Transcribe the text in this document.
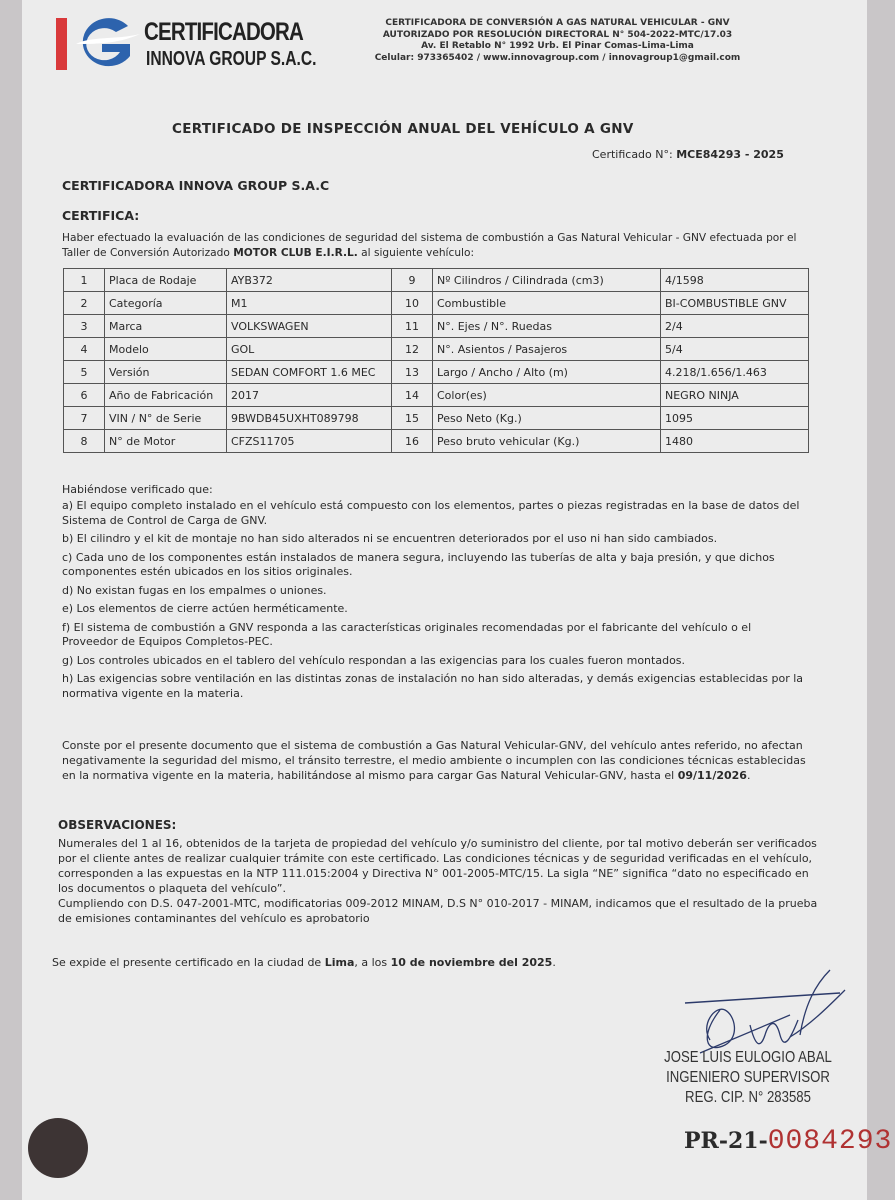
CERTIFICADORA
INNOVA GROUP S.A.C.
CERTIFICADORA DE CONVERSIÓN A GAS NATURAL VEHICULAR - GNV
AUTORIZADO POR RESOLUCIÓN DIRECTORAL N° 504-2022-MTC/17.03
Av. El Retablo N° 1992 Urb. El Pinar Comas-Lima-Lima
Celular: 973365402 / www.innovagroup.com / innovagroup1@gmail.com
CERTIFICADO DE INSPECCIÓN ANUAL DEL VEHÍCULO A GNV
Certificado N°: MCE84293 - 2025
CERTIFICADORA INNOVA GROUP S.A.C
CERTIFICA:
Haber efectuado la evaluación de las condiciones de seguridad del sistema de combustión a Gas Natural Vehicular - GNV efectuada por el Taller de Conversión Autorizado MOTOR CLUB E.I.R.L. al siguiente vehículo:
1	Placa de Rodaje	AYB372	9	Nº Cilindros / Cilindrada (cm3)	4/1598
2	Categoría	M1	10	Combustible	BI-COMBUSTIBLE GNV
3	Marca	VOLKSWAGEN	11	N°. Ejes / N°. Ruedas	2/4
4	Modelo	GOL	12	N°. Asientos / Pasajeros	5/4
5	Versión	SEDAN COMFORT 1.6 MEC	13	Largo / Ancho / Alto (m)	4.218/1.656/1.463
6	Año de Fabricación	2017	14	Color(es)	NEGRO NINJA
7	VIN / N° de Serie	9BWDB45UXHT089798	15	Peso Neto (Kg.)	1095
8	N° de Motor	CFZS11705	16	Peso bruto vehicular (Kg.)	1480
Habiéndose verificado que:

a) El equipo completo instalado en el vehículo está compuesto con los elementos, partes o piezas registradas en la base de datos del Sistema de Control de Carga de GNV.

b) El cilindro y el kit de montaje no han sido alterados ni se encuentren deteriorados por el uso ni han sido cambiados.

c) Cada uno de los componentes están instalados de manera segura, incluyendo las tuberías de alta y baja presión, y que dichos componentes estén ubicados en los sitios originales.

d) No existan fugas en los empalmes o uniones.

e) Los elementos de cierre actúen herméticamente.

f) El sistema de combustión a GNV responda a las características originales recomendadas por el fabricante del vehículo o el Proveedor de Equipos Completos-PEC.

g) Los controles ubicados en el tablero del vehículo respondan a las exigencias para los cuales fueron montados.

h) Las exigencias sobre ventilación en las distintas zonas de instalación no han sido alteradas, y demás exigencias establecidas por la normativa vigente en la materia.

Conste por el presente documento que el sistema de combustión a Gas Natural Vehicular-GNV, del vehículo antes referido, no afectan negativamente la seguridad del mismo, el tránsito terrestre, el medio ambiente o incumplen con las condiciones técnicas establecidas en la normativa vigente en la materia, habilitándose al mismo para cargar Gas Natural Vehicular-GNV, hasta el 09/11/2026.
OBSERVACIONES:

Numerales del 1 al 16, obtenidos de la tarjeta de propiedad del vehículo y/o suministro del cliente, por tal motivo deberán ser verificados por el cliente antes de realizar cualquier trámite con este certificado. Las condiciones técnicas y de seguridad verificadas en el vehículo, corresponden a las expuestas en la NTP 111.015:2004 y Directiva N° 001-2005-MTC/15. La sigla “NE” significa “dato no especificado en los documentos o plaqueta del vehículo”.

Cumpliendo con D.S. 047-2001-MTC, modificatorias 009-2012 MINAM, D.S N° 010-2017 - MINAM, indicamos que el resultado de la prueba de emisiones contaminantes del vehículo es aprobatorio

Se expide el presente certificado en la ciudad de Lima, a los 10 de noviembre del 2025.
JOSE LUIS EULOGIO ABAL
INGENIERO SUPERVISOR
REG. CIP. N° 283585
PR-21-0084293
